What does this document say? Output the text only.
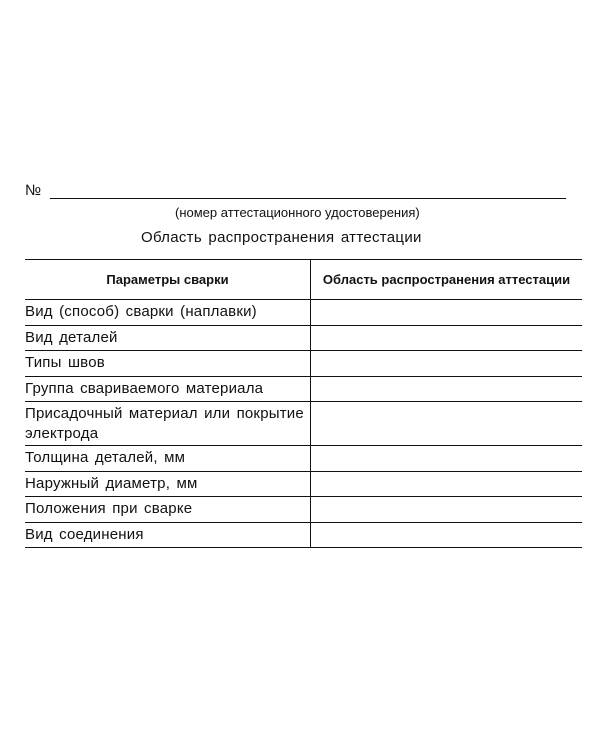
№
(номер аттестационного удостоверения)
Область распространения аттестации
Параметры сварки	Область распространения аттестации
Вид (способ) сварки (наплавки)	
Вид деталей	
Типы швов	
Группа свариваемого материала	
Присадочный материал или покрытие электрода	
Толщина деталей, мм	
Наружный диаметр, мм	
Положения при сварке	
Вид соединения	
